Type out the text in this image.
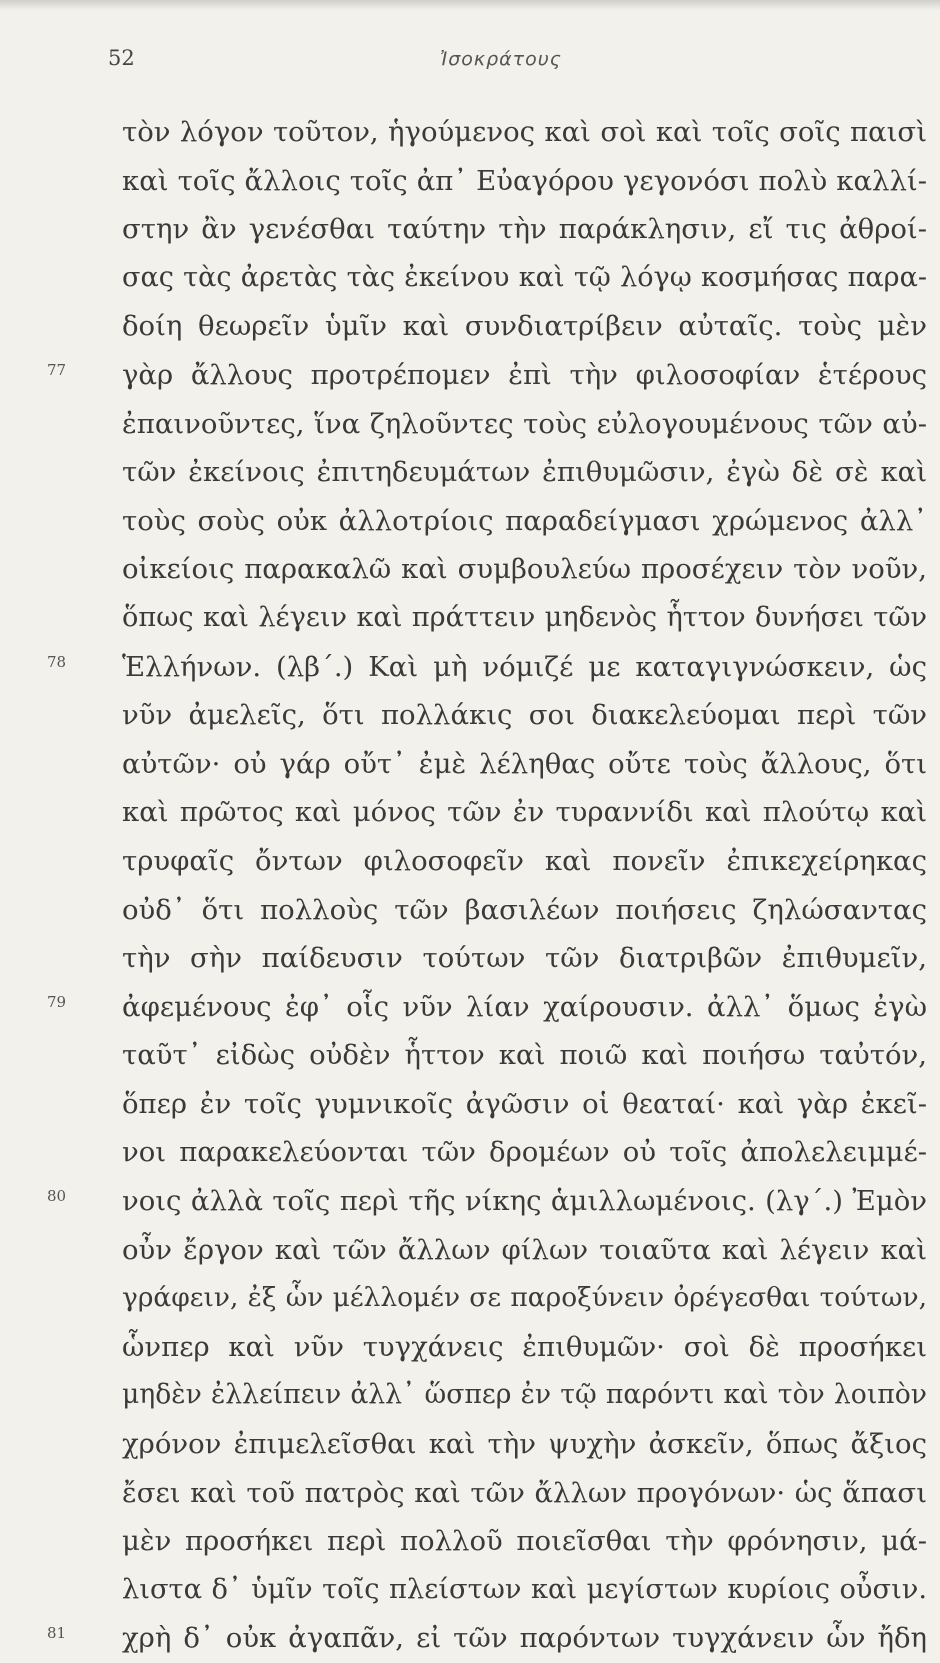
52	Ἰσοκράτους
τὸν λόγον τοῦτον, ἡγούμενος καὶ σοὶ καὶ τοῖς σοῖς παισὶ
καὶ τοῖς ἄλλοις τοῖς ἀπ᾽ Εὐαγόρου γεγονόσι πολὺ καλλί-
στην ἂν γενέσθαι ταύτην τὴν παράκλησιν, εἴ τις ἀθροί-
σας τὰς ἀρετὰς τὰς ἐκείνου καὶ τῷ λόγῳ κοσμήσας παρα-
δοίη θεωρεῖν ὑμῖν καὶ συνδιατρίβειν αὐταῖς. τοὺς μὲν
77 γὰρ ἄλλους προτρέπομεν ἐπὶ τὴν φιλοσοφίαν ἑτέρους
ἐπαινοῦντες, ἵνα ζηλοῦντες τοὺς εὐλογουμένους τῶν αὐ-
τῶν ἐκείνοις ἐπιτηδευμάτων ἐπιθυμῶσιν, ἐγὼ δὲ σὲ καὶ
τοὺς σοὺς οὐκ ἀλλοτρίοις παραδείγμασι χρώμενος ἀλλ᾽
οἰκείοις παρακαλῶ καὶ συμβουλεύω προσέχειν τὸν νοῦν,
ὅπως καὶ λέγειν καὶ πράττειν μηδενὸς ἧττον δυνήσει τῶν
78 Ἑλλήνων. (λβ΄.) Καὶ μὴ νόμιζέ με καταγιγνώσκειν, ὡς
νῦν ἀμελεῖς, ὅτι πολλάκις σοι διακελεύομαι περὶ τῶν
αὐτῶν· οὐ γάρ οὔτ᾽ ἐμὲ λέληθας οὔτε τοὺς ἄλλους, ὅτι
καὶ πρῶτος καὶ μόνος τῶν ἐν τυραννίδι καὶ πλούτῳ καὶ
τρυφαῖς ὄντων φιλοσοφεῖν καὶ πονεῖν ἐπικεχείρηκας
οὐδ᾽ ὅτι πολλοὺς τῶν βασιλέων ποιήσεις ζηλώσαντας
τὴν σὴν παίδευσιν τούτων τῶν διατριβῶν ἐπιθυμεῖν,
79 ἀφεμένους ἐφ᾽ οἷς νῦν λίαν χαίρουσιν. ἀλλ᾽ ὅμως ἐγὼ
ταῦτ᾽ εἰδὼς οὐδὲν ἧττον καὶ ποιῶ καὶ ποιήσω ταὐτόν,
ὅπερ ἐν τοῖς γυμνικοῖς ἀγῶσιν οἱ θεαταί· καὶ γὰρ ἐκεῖ-
νοι παρακελεύονται τῶν δρομέων οὐ τοῖς ἀπολελειμμέ-
80 νοις ἀλλὰ τοῖς περὶ τῆς νίκης ἁμιλλωμένοις. (λγ΄.) Ἐμὸν
οὖν ἔργον καὶ τῶν ἄλλων φίλων τοιαῦτα καὶ λέγειν καὶ
γράφειν, ἐξ ὧν μέλλομέν σε παροξύνειν ὀρέγεσθαι τούτων,
ὧνπερ καὶ νῦν τυγχάνεις ἐπιθυμῶν· σοὶ δὲ προσήκει
μηδὲν ἐλλείπειν ἀλλ᾽ ὥσπερ ἐν τῷ παρόντι καὶ τὸν λοιπὸν
χρόνον ἐπιμελεῖσθαι καὶ τὴν ψυχὴν ἀσκεῖν, ὅπως ἄξιος
ἔσει καὶ τοῦ πατρὸς καὶ τῶν ἄλλων προγόνων· ὡς ἅπασι
μὲν προσήκει περὶ πολλοῦ ποιεῖσθαι τὴν φρόνησιν, μά-
λιστα δ᾽ ὑμῖν τοῖς πλείστων καὶ μεγίστων κυρίοις οὖσιν.
81 χρὴ δ᾽ οὐκ ἀγαπᾶν, εἰ τῶν παρόντων τυγχάνειν ὧν ἤδη
